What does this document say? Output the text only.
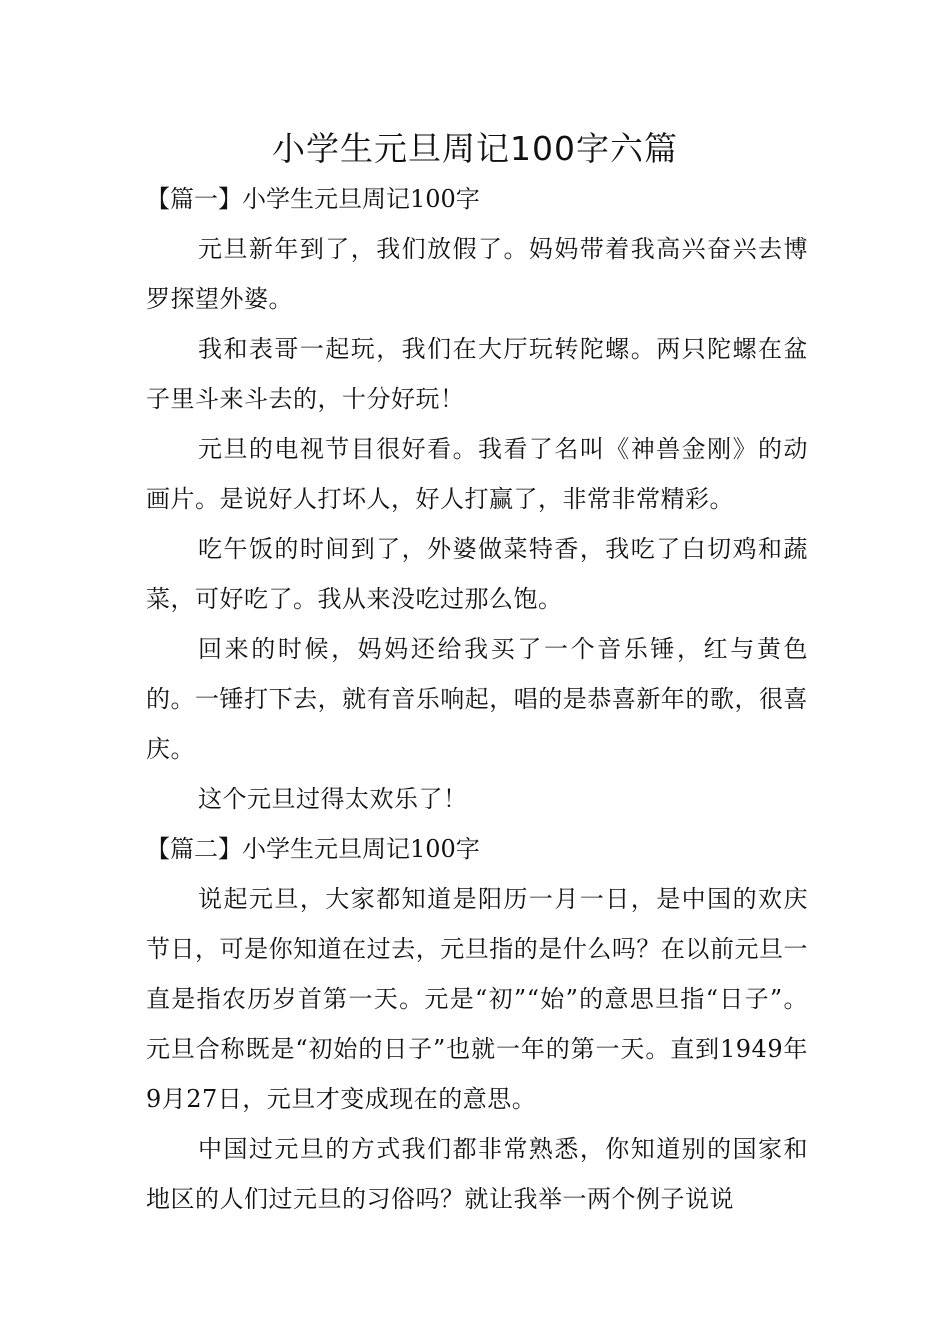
小学生元旦周记100字六篇

【篇一】小学生元旦周记100字

元旦新年到了，我们放假了。妈妈带着我高兴奋兴去博罗探望外婆。

我和表哥一起玩，我们在大厅玩转陀螺。两只陀螺在盆子里斗来斗去的，十分好玩！

元旦的电视节目很好看。我看了名叫《神兽金刚》的动画片。是说好人打坏人，好人打赢了，非常非常精彩。

吃午饭的时间到了，外婆做菜特香，我吃了白切鸡和蔬菜，可好吃了。我从来没吃过那么饱。

回来的时候，妈妈还给我买了一个音乐锤，红与黄色的。一锤打下去，就有音乐响起，唱的是恭喜新年的歌，很喜庆。

这个元旦过得太欢乐了！

【篇二】小学生元旦周记100字

说起元旦，大家都知道是阳历一月一日，是中国的欢庆节日，可是你知道在过去，元旦指的是什么吗？在以前元旦一直是指农历岁首第一天。元是“初”“始”的意思旦指“日子”。元旦合称既是“初始的日子”也就一年的第一天。直到1949年9月27日，元旦才变成现在的意思。

中国过元旦的方式我们都非常熟悉，你知道别的国家和地区的人们过元旦的习俗吗？就让我举一两个例子说说
